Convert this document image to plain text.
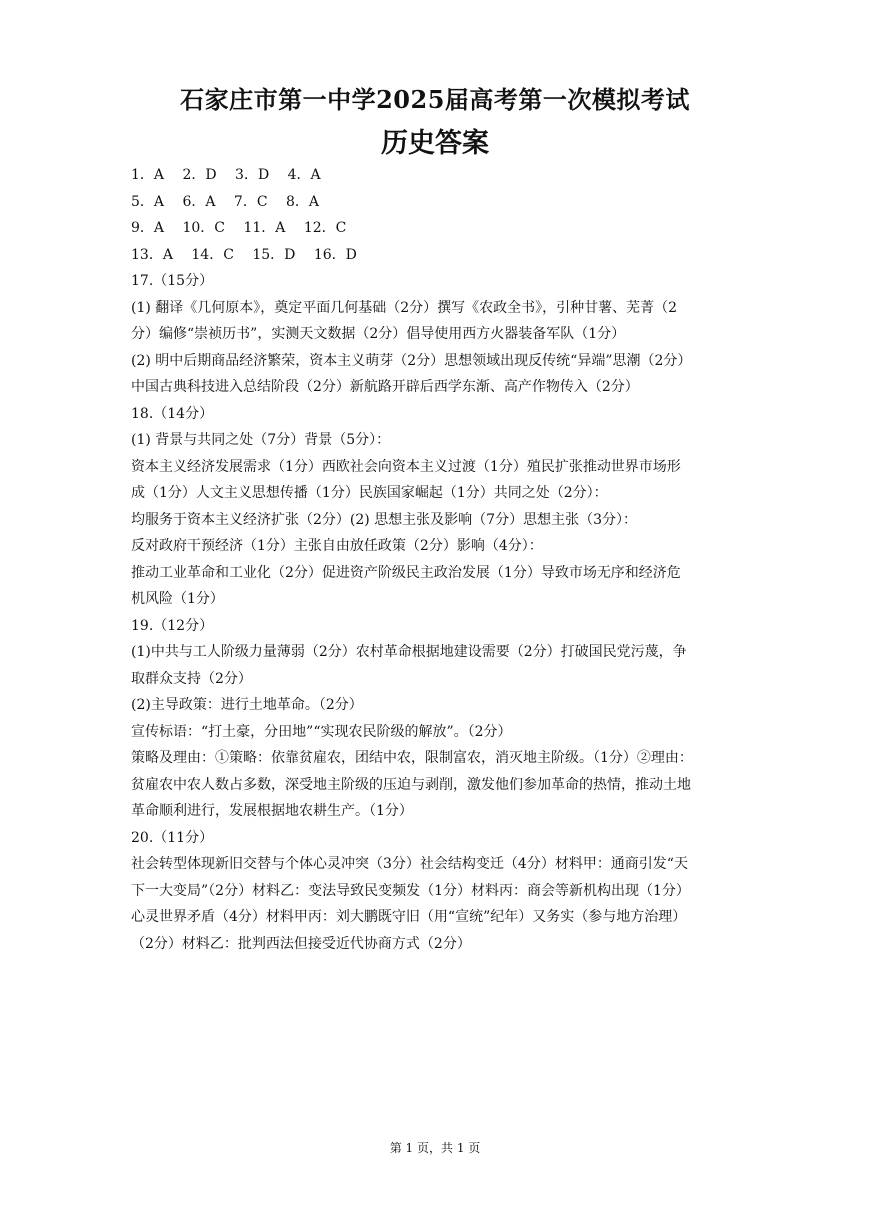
石家庄市第一中学2025届高考第一次模拟考试
历史答案
1．A　 2．D　 3．D　 4．A
5．A　 6．A　 7．C　 8．A
9．A　 10．C　 11．A　 12．C
13．A　 14．C　 15．D　 16．D
17.（15分）
(1) 翻译《几何原本》，奠定平面几何基础（2分）撰写《农政全书》，引种甘薯、芜菁（2
分）编修“崇祯历书”，实测天文数据（2分）倡导使用西方火器装备军队（1分）
(2) 明中后期商品经济繁荣，资本主义萌芽（2分）思想领域出现反传统“异端”思潮（2分）
中国古典科技进入总结阶段（2分）新航路开辟后西学东渐、高产作物传入（2分）
18.（14分）
(1) 背景与共同之处（7分）背景（5分）：
资本主义经济发展需求（1分）西欧社会向资本主义过渡（1分）殖民扩张推动世界市场形
成（1分）人文主义思想传播（1分）民族国家崛起（1分）共同之处（2分）：
均服务于资本主义经济扩张（2分）(2) 思想主张及影响（7分）思想主张（3分）：
反对政府干预经济（1分）主张自由放任政策（2分）影响（4分）：
推动工业革命和工业化（2分）促进资产阶级民主政治发展（1分）导致市场无序和经济危
机风险（1分）
19.（12分）
(1)中共与工人阶级力量薄弱（2分）农村革命根据地建设需要（2分）打破国民党污蔑，争
取群众支持（2分）
(2)主导政策：进行土地革命。（2分）
宣传标语：“打土豪，分田地”“实现农民阶级的解放”。（2分）
策略及理由：①策略：依靠贫雇农，团结中农，限制富农，消灭地主阶级。（1分）②理由：
贫雇农中农人数占多数，深受地主阶级的压迫与剥削，激发他们参加革命的热情，推动土地
革命顺利进行，发展根据地农耕生产。（1分）
20.（11分）
社会转型体现新旧交替与个体心灵冲突（3分）社会结构变迁（4分）材料甲：通商引发“天
下一大变局”（2分）材料乙：变法导致民变频发（1分）材料丙：商会等新机构出现（1分）
心灵世界矛盾（4分）材料甲丙：刘大鹏既守旧（用“宣统”纪年）又务实（参与地方治理）
（2分）材料乙：批判西法但接受近代协商方式（2分）
第 1 页，共 1 页
